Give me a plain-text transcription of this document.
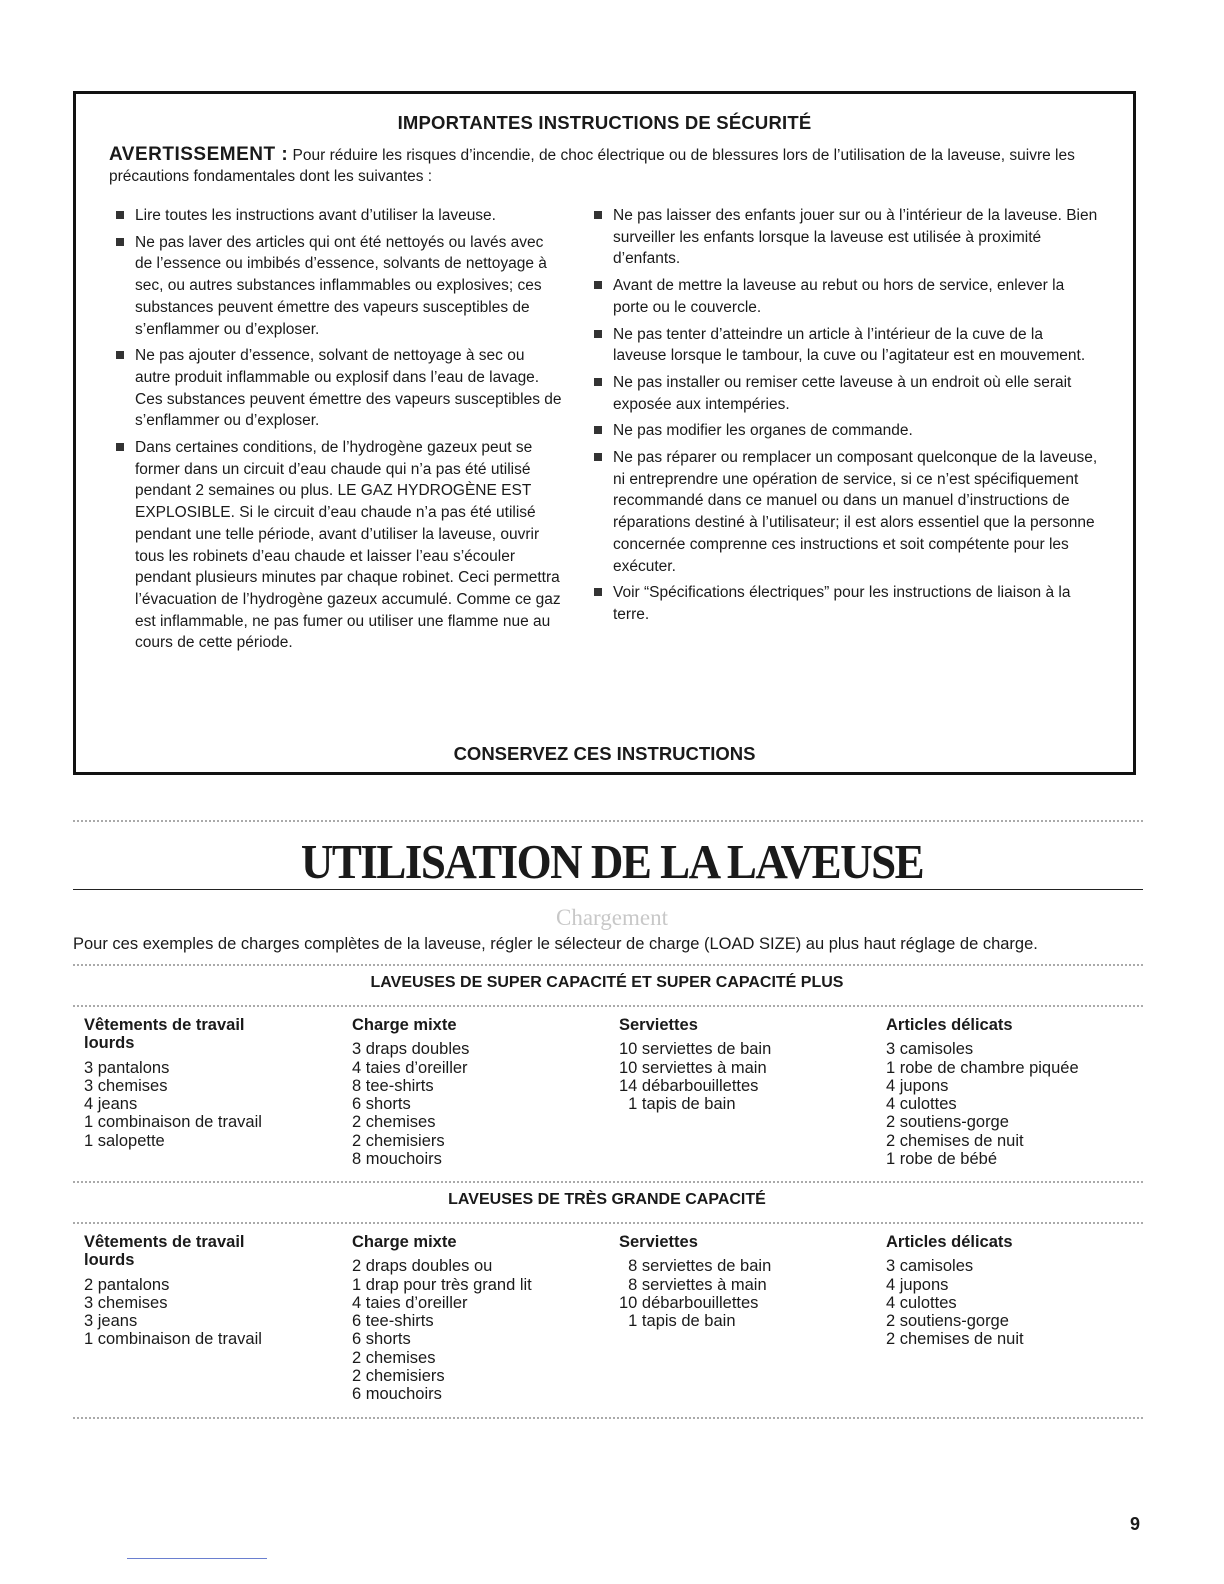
IMPORTANTES INSTRUCTIONS DE SÉCURITÉ
AVERTISSEMENT : Pour réduire les risques d’incendie, de choc électrique ou de blessures lors de l’utilisation de la laveuse, suivre les précautions fondamentales dont les suivantes :
Lire toutes les instructions avant d’utiliser la laveuse.
Ne pas laver des articles qui ont été nettoyés ou lavés avec de l’essence ou imbibés d’essence, solvants de nettoyage à sec, ou autres substances inflammables ou explosives; ces substances peuvent émettre des vapeurs susceptibles de s’enflammer ou d’exploser.
Ne pas ajouter d’essence, solvant de nettoyage à sec ou autre produit inflammable ou explosif dans l’eau de lavage. Ces substances peuvent émettre des vapeurs susceptibles de s’enflammer ou d’exploser.
Dans certaines conditions, de l’hydrogène gazeux peut se former dans un circuit d’eau chaude qui n’a pas été utilisé pendant 2 semaines ou plus. LE GAZ HYDROGÈNE EST EXPLOSIBLE. Si le circuit d’eau chaude n’a pas été utilisé pendant une telle période, avant d’utiliser la laveuse, ouvrir tous les robinets d’eau chaude et laisser l’eau s’écouler pendant plusieurs minutes par chaque robinet. Ceci permettra l’évacuation de l’hydrogène gazeux accumulé. Comme ce gaz est inflammable, ne pas fumer ou utiliser une flamme nue au cours de cette période.
Ne pas laisser des enfants jouer sur ou à l’intérieur de la laveuse. Bien surveiller les enfants lorsque la laveuse est utilisée à proximité d’enfants.
Avant de mettre la laveuse au rebut ou hors de service, enlever la porte ou le couvercle.
Ne pas tenter d’atteindre un article à l’intérieur de la cuve de la laveuse lorsque le tambour, la cuve ou l’agitateur est en mouvement.
Ne pas installer ou remiser cette laveuse à un endroit où elle serait exposée aux intempéries.
Ne pas modifier les organes de commande.
Ne pas réparer ou remplacer un composant quelconque de la laveuse, ni entreprendre une opération de service, si ce n’est spécifiquement recommandé dans ce manuel ou dans un manuel d’instructions de réparations destiné à l’utilisateur; il est alors essentiel que la personne concernée comprenne ces instructions et soit compétente pour les exécuter.
Voir “Spécifications électriques” pour les instructions de liaison à la terre.
CONSERVEZ CES INSTRUCTIONS
UTILISATION DE LA LAVEUSE
Chargement
Pour ces exemples de charges complètes de la laveuse, régler le sélecteur de charge (LOAD SIZE) au plus haut réglage de charge.
LAVEUSES DE SUPER CAPACITÉ ET SUPER CAPACITÉ PLUS
Vêtements de travail lourds
3 pantalons
3 chemises
4 jeans
1 combinaison de travail
1 salopette
Charge mixte
3 draps doubles
4 taies d’oreiller
8 tee-shirts
6 shorts
2 chemises
2 chemisiers
8 mouchoirs
Serviettes
10 serviettes de bain
10 serviettes à main
14 débarbouillettes
1 tapis de bain
Articles délicats
3 camisoles
1 robe de chambre piquée
4 jupons
4 culottes
2 soutiens-gorge
2 chemises de nuit
1 robe de bébé
LAVEUSES DE TRÈS GRANDE CAPACITÉ
Vêtements de travail lourds
2 pantalons
3 chemises
3 jeans
1 combinaison de travail
Charge mixte
2 draps doubles ou
1 drap pour très grand lit
4 taies d’oreiller
6 tee-shirts
6 shorts
2 chemises
2 chemisiers
6 mouchoirs
Serviettes
8 serviettes de bain
8 serviettes à main
10 débarbouillettes
1 tapis de bain
Articles délicats
3 camisoles
4 jupons
4 culottes
2 soutiens-gorge
2 chemises de nuit
9
